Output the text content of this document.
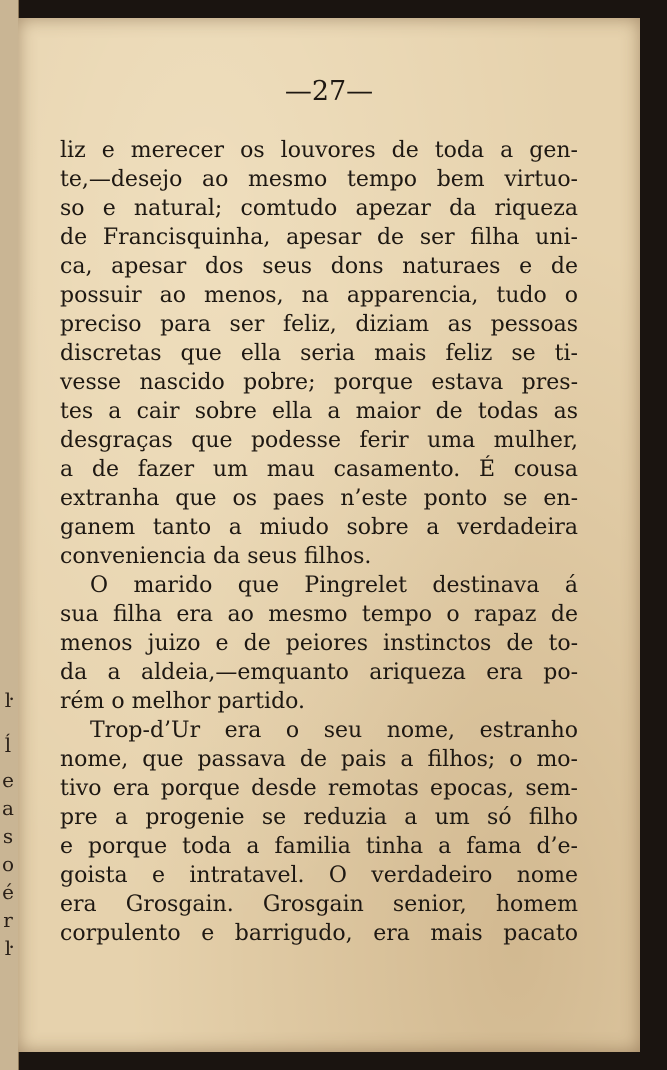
ŀ
ĺ
e
a
s
o
é
r
ŀ
—27—
liz e merecer os louvores de toda a gen-
te,—desejo ao mesmo tempo bem virtuo-
so e natural; comtudo apezar da riqueza
de Francisquinha, apesar de ser filha uni-
ca, apesar dos seus dons naturaes e de
possuir ao menos, na apparencia, tudo o
preciso para ser feliz, diziam as pessoas
discretas que ella seria mais feliz se ti-
vesse nascido pobre; porque estava pres-
tes a cair sobre ella a maior de todas as
desgraças que podesse ferir uma mulher,
a de fazer um mau casamento. É cousa
extranha que os paes n’este ponto se en-
ganem tanto a miudo sobre a verdadeira
conveniencia da seus filhos.
O marido que Pingrelet destinava á
sua filha era ao mesmo tempo o rapaz de
menos juizo e de peiores instinctos de to-
da a aldeia,—emquanto ariqueza era po-
rém o melhor partido.
Trop-d’Ur era o seu nome, estranho
nome, que passava de pais a filhos; o mo-
tivo era porque desde remotas epocas, sem-
pre a progenie se reduzia a um só filho
e porque toda a familia tinha a fama d’e-
goista e intratavel. O verdadeiro nome
era Grosgain. Grosgain senior, homem
corpulento e barrigudo, era mais pacato
